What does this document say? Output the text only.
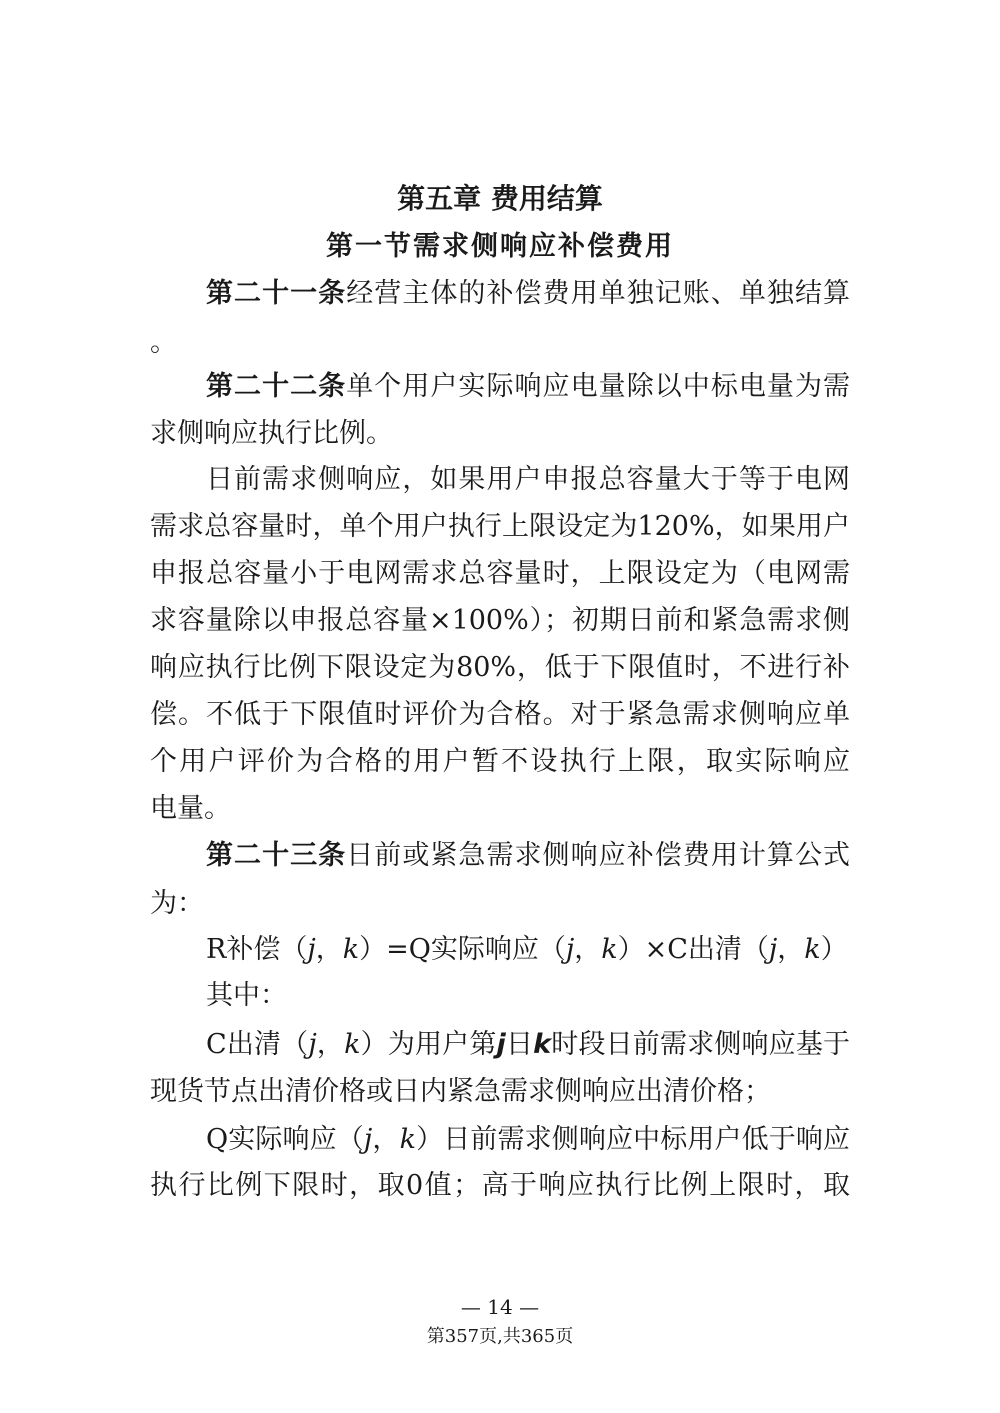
第五章 费用结算

第一节需求侧响应补偿费用

第二十一条经营主体的补偿费用单独记账、单独结算

。

第二十二条单个用户实际响应电量除以中标电量为需

求侧响应执行比例。

日前需求侧响应，如果用户申报总容量大于等于电网

需求总容量时，单个用户执行上限设定为120%，如果用户

申报总容量小于电网需求总容量时，上限设定为（电网需

求容量除以申报总容量×100%）；初期日前和紧急需求侧

响应执行比例下限设定为80%，低于下限值时，不进行补

偿。不低于下限值时评价为合格。对于紧急需求侧响应单

个用户评价为合格的用户暂不设执行上限，取实际响应

电量。

第二十三条日前或紧急需求侧响应补偿费用计算公式

为：

R补偿（j，k）=Q实际响应（j，k）×C出清（j，k）

其中：

C出清（j，k）为用户第j日k时段日前需求侧响应基于

现货节点出清价格或日内紧急需求侧响应出清价格；

Q实际响应（j，k）日前需求侧响应中标用户低于响应

执行比例下限时，取0值；高于响应执行比例上限时，取

— 14 —

第357页,共365页
